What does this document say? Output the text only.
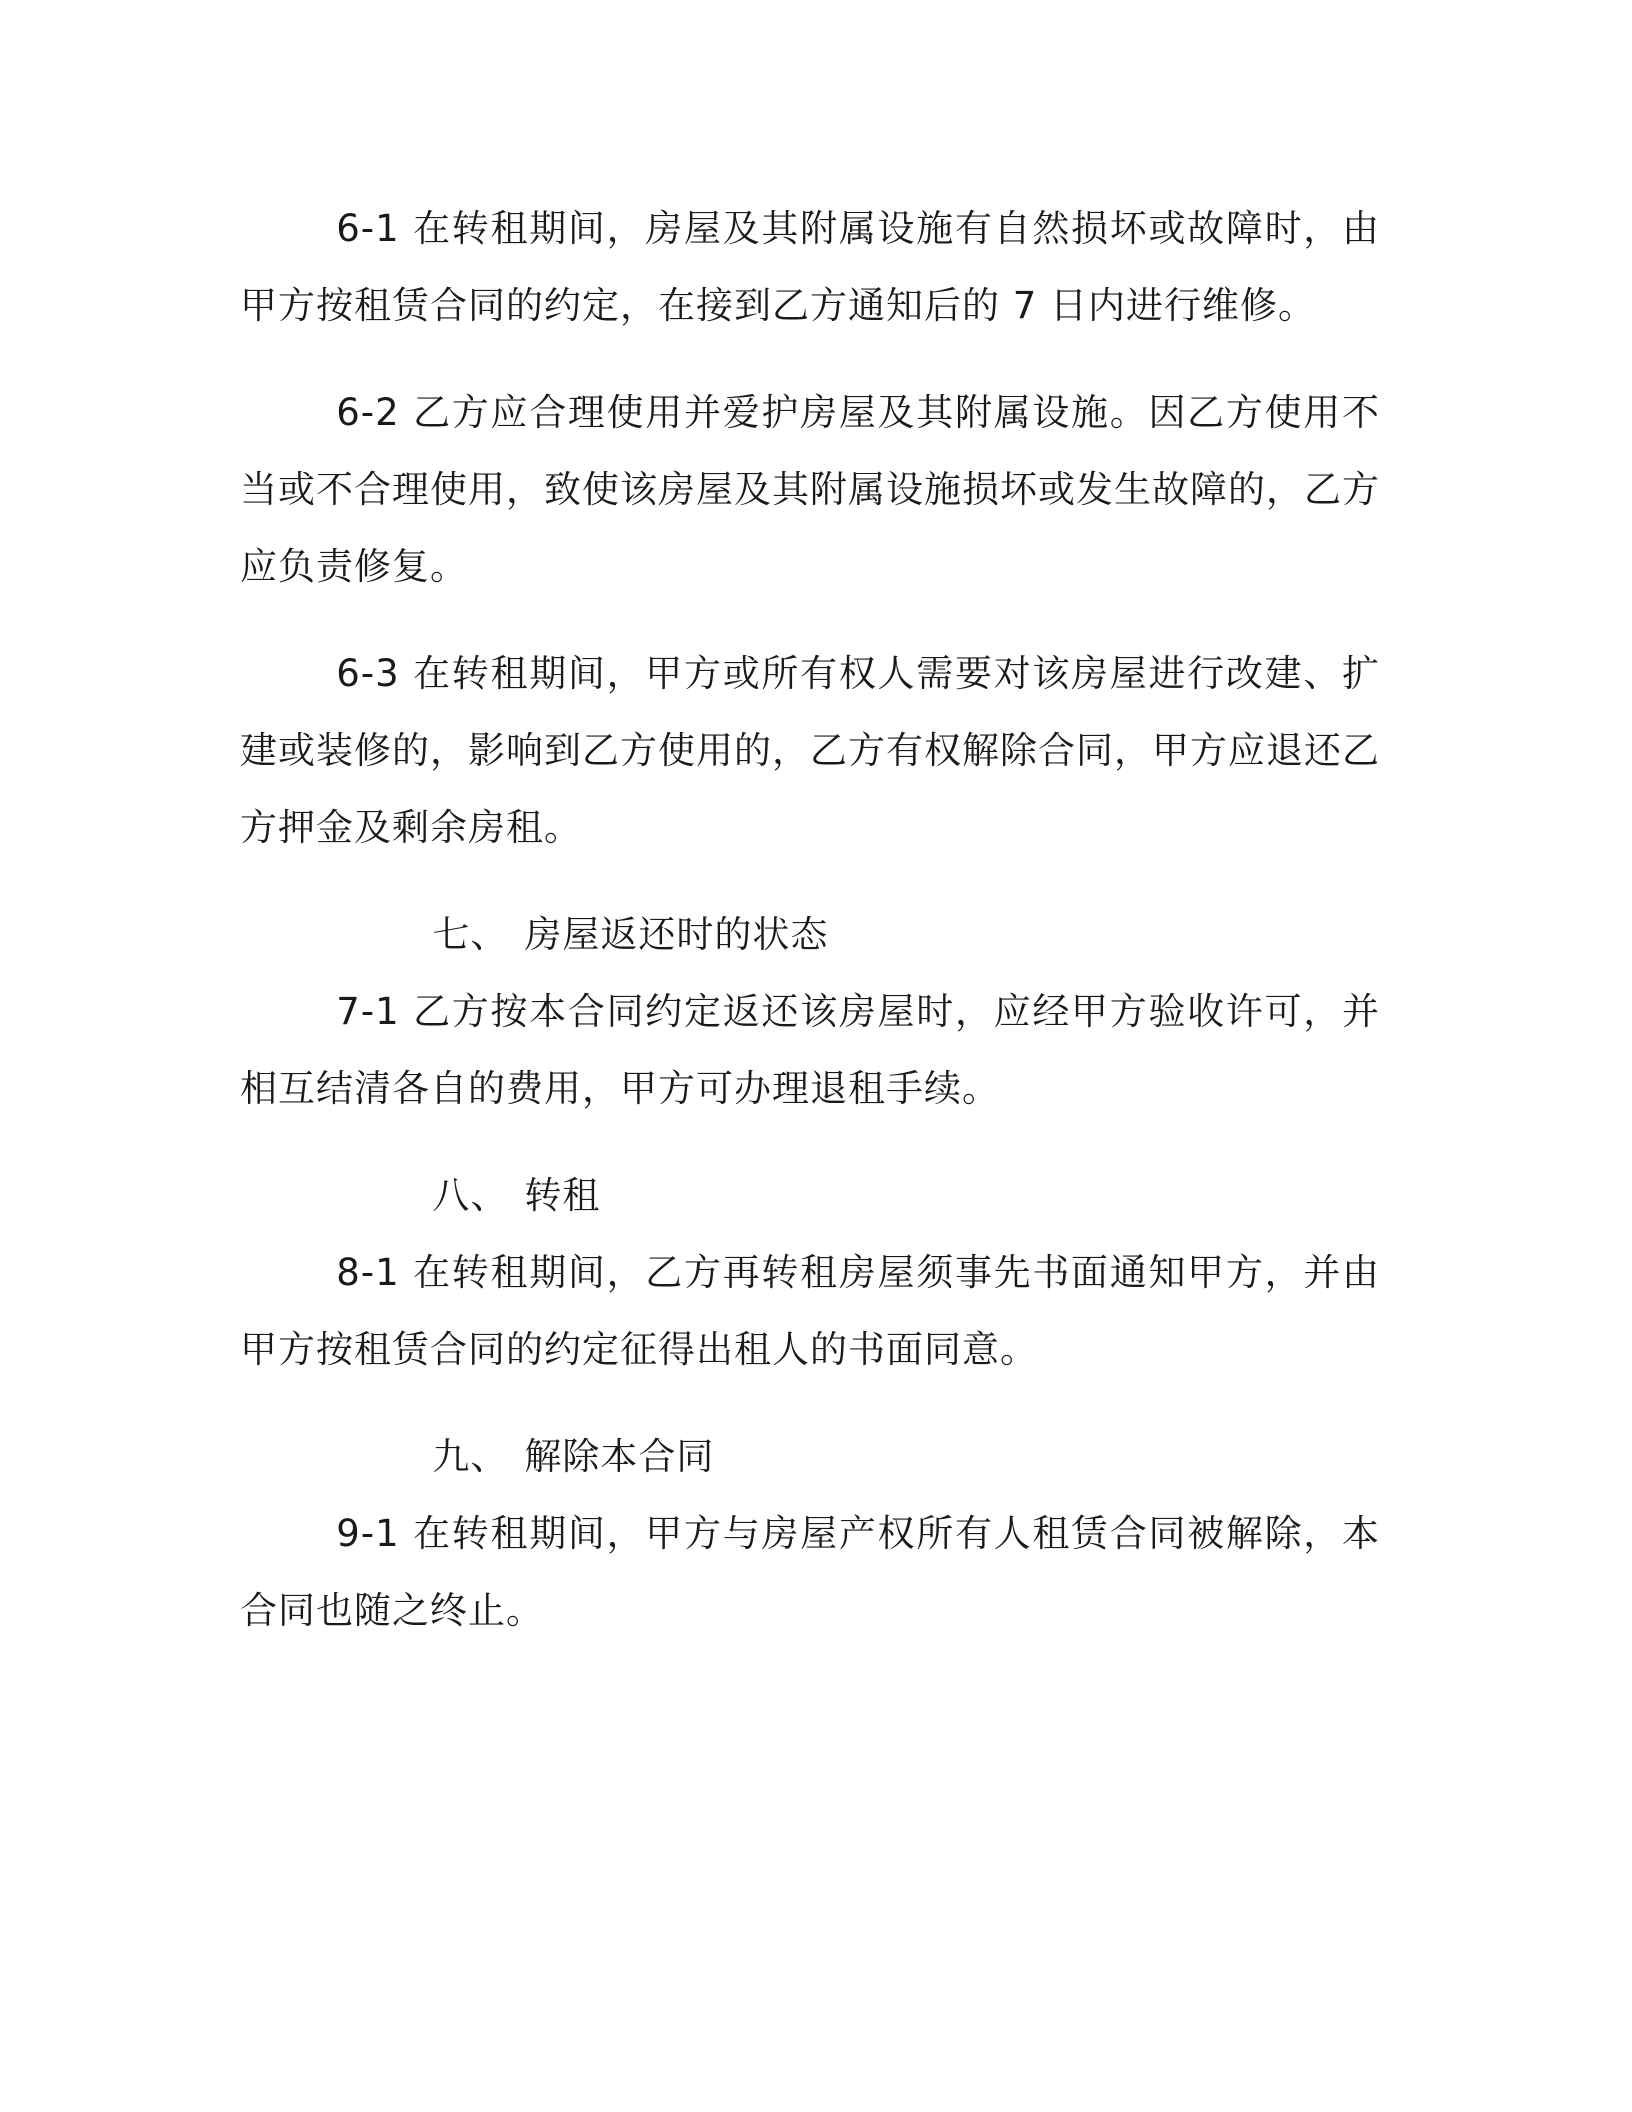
6-1 在转租期间，房屋及其附属设施有自然损坏或故障时，由甲方按租赁合同的约定，在接到乙方通知后的 7 日内进行维修。

6-2 乙方应合理使用并爱护房屋及其附属设施。因乙方使用不当或不合理使用，致使该房屋及其附属设施损坏或发生故障的，乙方应负责修复。

6-3 在转租期间，甲方或所有权人需要对该房屋进行改建、扩建或装修的，影响到乙方使用的，乙方有权解除合同，甲方应退还乙方押金及剩余房租。

七、 房屋返还时的状态

7-1 乙方按本合同约定返还该房屋时，应经甲方验收许可，并相互结清各自的费用，甲方可办理退租手续。

八、 转租

8-1 在转租期间，乙方再转租房屋须事先书面通知甲方，并由甲方按租赁合同的约定征得出租人的书面同意。

九、 解除本合同

9-1 在转租期间，甲方与房屋产权所有人租赁合同被解除，本合同也随之终止。
